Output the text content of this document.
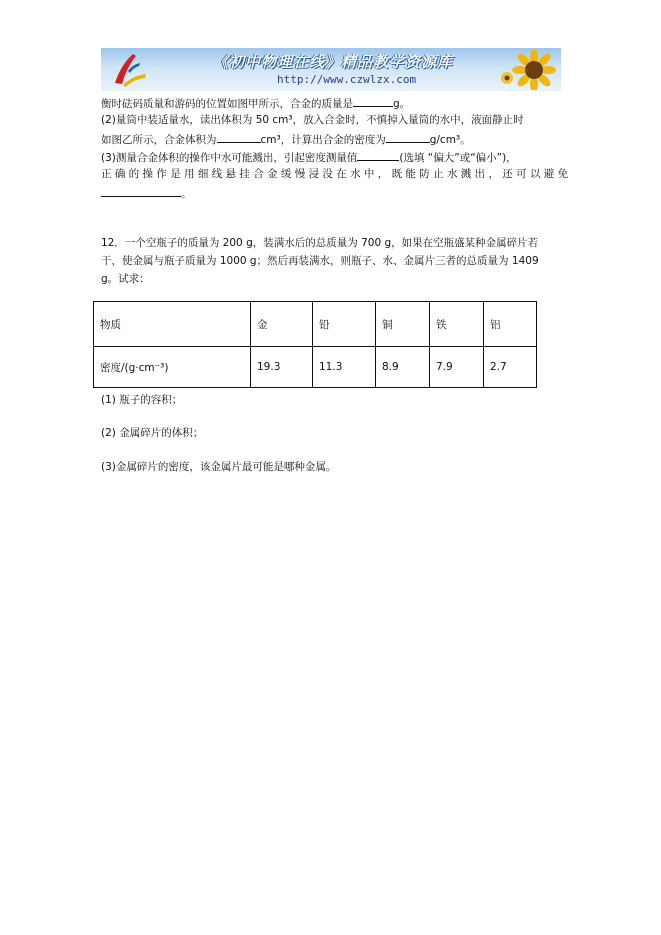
《初中物理在线》精品教学资源库
http://www.czwlzx.com
衡时砝码质量和游码的位置如图甲所示，合金的质量是	g。
(2)量筒中装适量水，读出体积为 50 cm³，放入合金时，不慎掉入量筒的水中，液面静止时
如图乙所示，合金体积为	cm³，计算出合金的密度为	g/cm³。
(3)测量合金体积的操作中水可能溅出，引起密度测量值	(选填 “偏大”或“偏小”)，
正 确 的 操 作 是 用 细 线 悬 挂 合 金 缓 慢 浸 没 在 水 中 ， 既 能 防 止 水 溅 出 ， 还 可 以 避 免
。
12．一个空瓶子的质量为 200 g，装满水后的总质量为 700 g，如果在空瓶盛某种金属碎片若
干，使金属与瓶子质量为 1000 g；然后再装满水，则瓶子、水、金属片三者的总质量为 1409
g。试求：
物质	金	铅	铜	铁	铝
密度/(g·cm⁻³)	19.3	11.3	8.9	7.9	2.7
(1) 瓶子的容积；
(2) 金属碎片的体积；
(3)金属碎片的密度，该金属片最可能是哪种金属。
